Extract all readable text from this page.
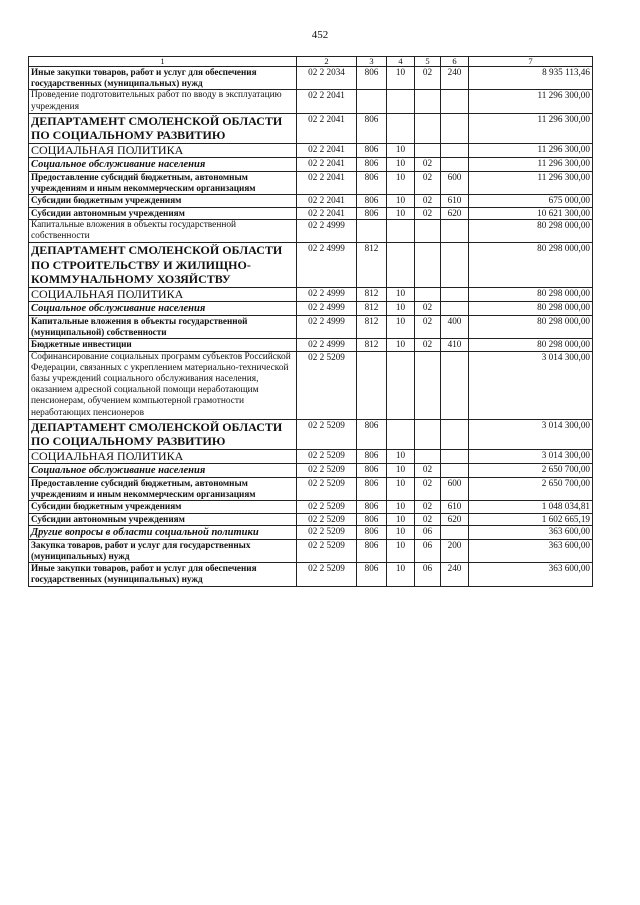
452
1	2	3	4	5	6	7
Иные закупки товаров, работ и услуг для обеспечения государственных (муниципальных) нужд	02 2 2034	806	10	02	240	8 935 113,46
Проведение подготовительных работ по вводу в эксплуатацию учреждения	02 2 2041					11 296 300,00
ДЕПАРТАМЕНТ СМОЛЕНСКОЙ ОБЛАСТИ ПО СОЦИАЛЬНОМУ РАЗВИТИЮ	02 2 2041	806				11 296 300,00
СОЦИАЛЬНАЯ ПОЛИТИКА	02 2 2041	806	10			11 296 300,00
Социальное обслуживание населения	02 2 2041	806	10	02		11 296 300,00
Предоставление субсидий бюджетным, автономным учреждениям и иным некоммерческим организациям	02 2 2041	806	10	02	600	11 296 300,00
Субсидии бюджетным учреждениям	02 2 2041	806	10	02	610	675 000,00
Субсидии автономным учреждениям	02 2 2041	806	10	02	620	10 621 300,00
Капитальные вложения в объекты государственной собственности	02 2 4999					80 298 000,00
ДЕПАРТАМЕНТ СМОЛЕНСКОЙ ОБЛАСТИ ПО СТРОИТЕЛЬСТВУ И ЖИЛИЩНО-КОММУНАЛЬНОМУ ХОЗЯЙСТВУ	02 2 4999	812				80 298 000,00
СОЦИАЛЬНАЯ ПОЛИТИКА	02 2 4999	812	10			80 298 000,00
Социальное обслуживание населения	02 2 4999	812	10	02		80 298 000,00
Капитальные вложения в объекты государственной (муниципальной) собственности	02 2 4999	812	10	02	400	80 298 000,00
Бюджетные инвестиции	02 2 4999	812	10	02	410	80 298 000,00
Софинансирование социальных программ субъектов Российской Федерации, связанных с укреплением материально-технической базы учреждений социального обслуживания населения, оказанием адресной социальной помощи неработающим пенсионерам, обучением компьютерной грамотности неработающих пенсионеров	02 2 5209					3 014 300,00
ДЕПАРТАМЕНТ СМОЛЕНСКОЙ ОБЛАСТИ ПО СОЦИАЛЬНОМУ РАЗВИТИЮ	02 2 5209	806				3 014 300,00
СОЦИАЛЬНАЯ ПОЛИТИКА	02 2 5209	806	10			3 014 300,00
Социальное обслуживание населения	02 2 5209	806	10	02		2 650 700,00
Предоставление субсидий бюджетным, автономным учреждениям и иным некоммерческим организациям	02 2 5209	806	10	02	600	2 650 700,00
Субсидии бюджетным учреждениям	02 2 5209	806	10	02	610	1 048 034,81
Субсидии автономным учреждениям	02 2 5209	806	10	02	620	1 602 665,19
Другие вопросы в области социальной политики	02 2 5209	806	10	06		363 600,00
Закупка товаров, работ и услуг для государственных (муниципальных) нужд	02 2 5209	806	10	06	200	363 600,00
Иные закупки товаров, работ и услуг для обеспечения государственных (муниципальных) нужд	02 2 5209	806	10	06	240	363 600,00
